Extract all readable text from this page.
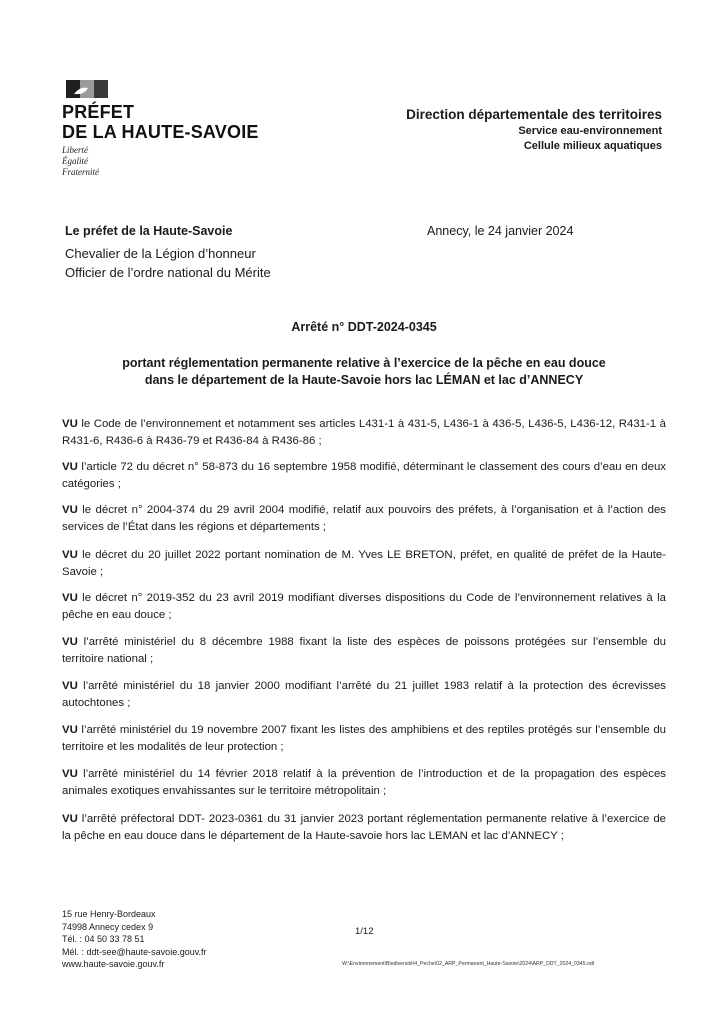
PRÉFET
DE LA HAUTE-SAVOIE
Liberté
Égalité
Fraternité
Direction départementale des territoires
Service eau-environnement
Cellule milieux aquatiques
Le préfet de la Haute-Savoie
Chevalier de la Légion d’honneur
Officier de l’ordre national du Mérite
Annecy, le 24 janvier 2024
Arrêté n° DDT-2024-0345
portant réglementation permanente relative à l’exercice de la pêche en eau douce
dans le département de la Haute-Savoie hors lac LÉMAN et lac d’ANNECY

VU le Code de l’environnement et notamment ses articles L431-1 à 431-5, L436-1 à 436-5, L436-5, L436-12, R431-1 à R431-6, R436-6 à R436-79 et R436-84 à R436-86 ;

VU l’article 72 du décret n° 58-873 du 16 septembre 1958 modifié, déterminant le classement des cours d’eau en deux catégories ;

VU le décret n° 2004-374 du 29 avril 2004 modifié, relatif aux pouvoirs des préfets, à l’organisation et à l’action des services de l’État dans les régions et départements ;

VU le décret du 20 juillet 2022 portant nomination de M. Yves LE BRETON, préfet, en qualité de préfet de la Haute-Savoie ;

VU le décret n° 2019-352 du 23 avril 2019 modifiant diverses dispositions du Code de l’environnement relatives à la pêche en eau douce ;

VU l’arrêté ministériel du 8 décembre 1988 fixant la liste des espèces de poissons protégées sur l’ensemble du territoire national ;

VU l’arrêté ministériel du 18 janvier 2000 modifiant l’arrêté du 21 juillet 1983 relatif à la protection des écrevisses autochtones ;

VU l’arrêté ministériel du 19 novembre 2007 fixant les listes des amphibiens et des reptiles protégés sur l’ensemble du territoire et les modalités de leur protection ;

VU l’arrêté ministériel du 14 février 2018 relatif à la prévention de l’introduction et de la propagation des espèces animales exotiques envahissantes sur le territoire métropolitain ;

VU l’arrêté préfectoral DDT- 2023-0361 du 31 janvier 2023 portant réglementation permanente relative à l’exercice de la pêche en eau douce dans le département de la Haute-savoie hors lac LEMAN et lac d’ANNECY ;

15 rue Henry-Bordeaux
74998 Annecy cedex 9
Tél. : 04 50 33 78 51
Mél. : ddt-see@haute-savoie.gouv.fr
www.haute-savoie.gouv.fr
1/12
W:\Environnement\Biodiversité\4_Peche\02_ARP_Permanent_Haute-Savoie\2024\ARP_DDT_2024_0345.odt
